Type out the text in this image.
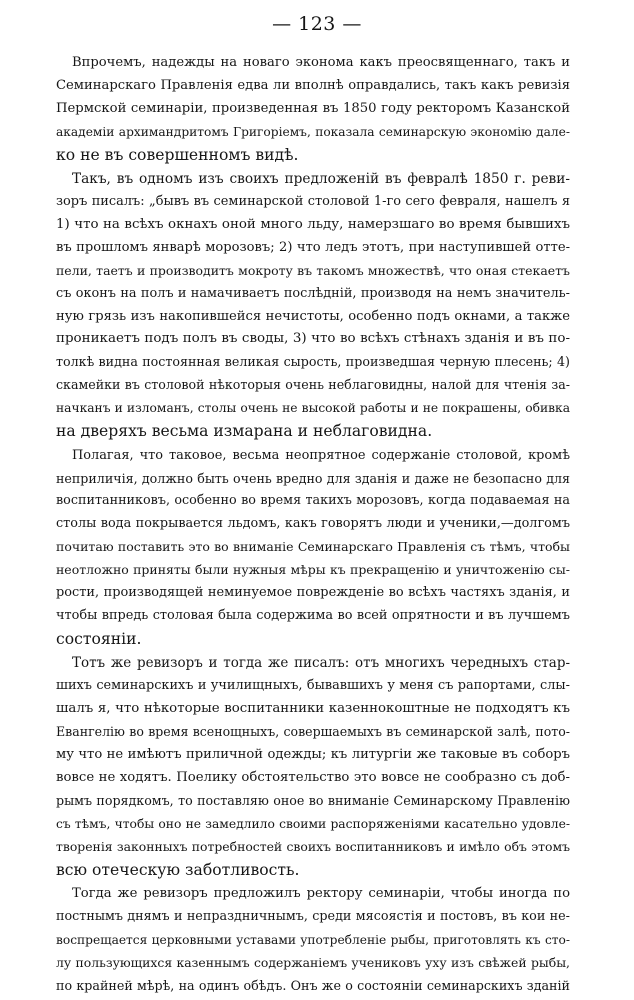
— 123 —
Впрочемъ, надежды на новаго эконома какъ преосвященнаго, такъ и
Семинарскаго Правленія едва ли вполнѣ оправдались, такъ какъ ревизія
Пермской семинаріи, произведенная въ 1850 году ректоромъ Казанской
академіи архимандритомъ Григоріемъ, показала семинарскую экономію дале-
ко не въ совершенномъ видѣ.
Такъ, въ одномъ изъ своихъ предложеній въ февралѣ 1850 г. реви-
зоръ писалъ: „бывъ въ семинарской столовой 1-го сего февраля, нашелъ я
1) что на всѣхъ окнахъ оной много льду, намерзшаго во время бывшихъ
въ прошломъ январѣ морозовъ; 2) что ледъ этотъ, при наступившей отте-
пели, таетъ и производитъ мокроту въ такомъ множествѣ, что оная стекаетъ
съ оконъ на полъ и намачиваетъ послѣдній, производя на немъ значитель-
ную грязь изъ накопившейся нечистоты, особенно подъ окнами, а также
проникаетъ подъ полъ въ своды, 3) что во всѣхъ стѣнахъ зданія и въ по-
толкѣ видна постоянная великая сырость, произведшая черную плесень; 4)
скамейки въ столовой нѣкоторыя очень неблаговидны, налой для чтенія за-
начканъ и изломанъ, столы очень не высокой работы и не покрашены, обивка
на дверяхъ весьма измарана и неблаговидна.
Полагая, что таковое, весьма неопрятное содержаніе столовой, кромѣ
неприличія, должно быть очень вредно для зданія и даже не безопасно для
воспитанниковъ, особенно во время такихъ морозовъ, когда подаваемая на
столы вода покрывается льдомъ, какъ говорятъ люди и ученики,—долгомъ
почитаю поставить это во вниманіе Семинарскаго Правленія съ тѣмъ, чтобы
неотложно приняты были нужныя мѣры къ прекращенію и уничтоженію сы-
рости, производящей неминуемое поврежденіе во всѣхъ частяхъ зданія, и
чтобы впредь столовая была содержима во всей опрятности и въ лучшемъ
состояніи.
Тотъ же ревизоръ и тогда же писалъ: отъ многихъ чередныхъ стар-
шихъ семинарскихъ и училищныхъ, бывавшихъ у меня съ рапортами, слы-
шалъ я, что нѣкоторые воспитанники казеннокоштные не подходятъ къ
Евангелію во время всенощныхъ, совершаемыхъ въ семинарской залѣ, пото-
му что не имѣютъ приличной одежды; къ литургіи же таковые въ соборъ
вовсе не ходятъ. Поелику обстоятельство это вовсе не сообразно съ доб-
рымъ порядкомъ, то поставляю оное во вниманіе Семинарскому Правленію
съ тѣмъ, чтобы оно не замедлило своими распоряженіями касательно удовле-
творенія законныхъ потребностей своихъ воспитанниковъ и имѣло объ этомъ
всю отеческую заботливость.
Тогда же ревизоръ предложилъ ректору семинаріи, чтобы иногда по
постнымъ днямъ и непраздничнымъ, среди мясоястія и постовъ, въ кои не-
воспрещается церковными уставами употребленіе рыбы, приготовлять къ сто-
лу пользующихся казеннымъ содержаніемъ учениковъ уху изъ свѣжей рыбы,
по крайней мѣрѣ, на одинъ обѣдъ. Онъ же о состояніи семинарскихъ зданій
